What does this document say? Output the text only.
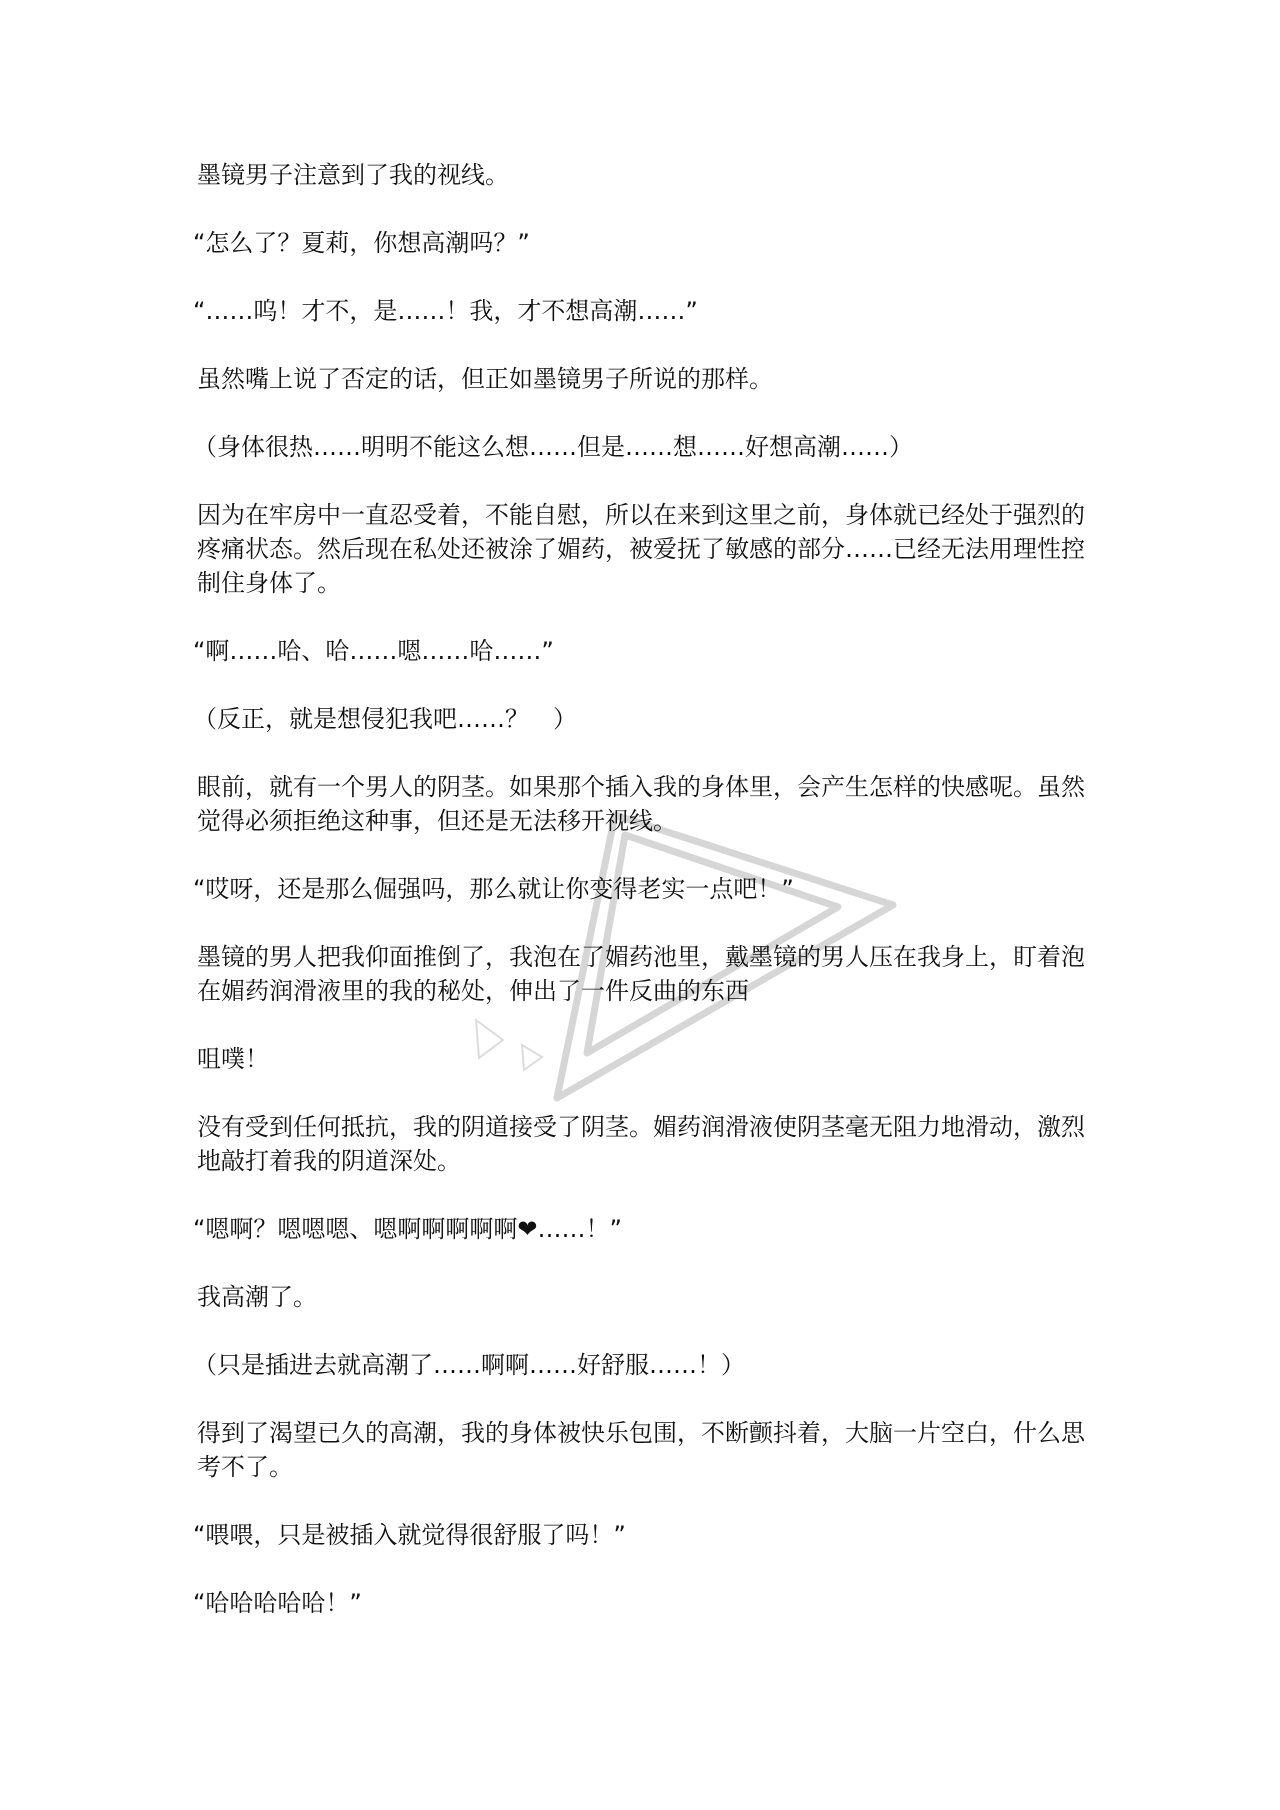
墨镜男子注意到了我的视线。

“怎么了？夏莉，你想高潮吗？”

“……呜！才不，是……！我，才不想高潮……”

虽然嘴上说了否定的话，但正如墨镜男子所说的那样。

（身体很热……明明不能这么想……但是……想……好想高潮……）

因为在牢房中一直忍受着，不能自慰，所以在来到这里之前，身体就已经处于强烈的疼痛状态。然后现在私处还被涂了媚药，被爱抚了敏感的部分……已经无法用理性控制住身体了。

“啊……哈、哈……嗯……哈……”

（反正，就是想侵犯我吧……？　）

眼前，就有一个男人的阴茎。如果那个插入我的身体里，会产生怎样的快感呢。虽然觉得必须拒绝这种事，但还是无法移开视线。

“哎呀，还是那么倔强吗，那么就让你变得老实一点吧！”

墨镜的男人把我仰面推倒了，我泡在了媚药池里，戴墨镜的男人压在我身上，盯着泡在媚药润滑液里的我的秘处，伸出了一件反曲的东西

咀噗！

没有受到任何抵抗，我的阴道接受了阴茎。媚药润滑液使阴茎毫无阻力地滑动，激烈地敲打着我的阴道深处。

“嗯啊？嗯嗯嗯、嗯啊啊啊啊啊❤……！”

我高潮了。

（只是插进去就高潮了……啊啊……好舒服……！）

得到了渴望已久的高潮，我的身体被快乐包围，不断颤抖着，大脑一片空白，什么思考不了。

“喂喂，只是被插入就觉得很舒服了吗！”

“哈哈哈哈哈！”
